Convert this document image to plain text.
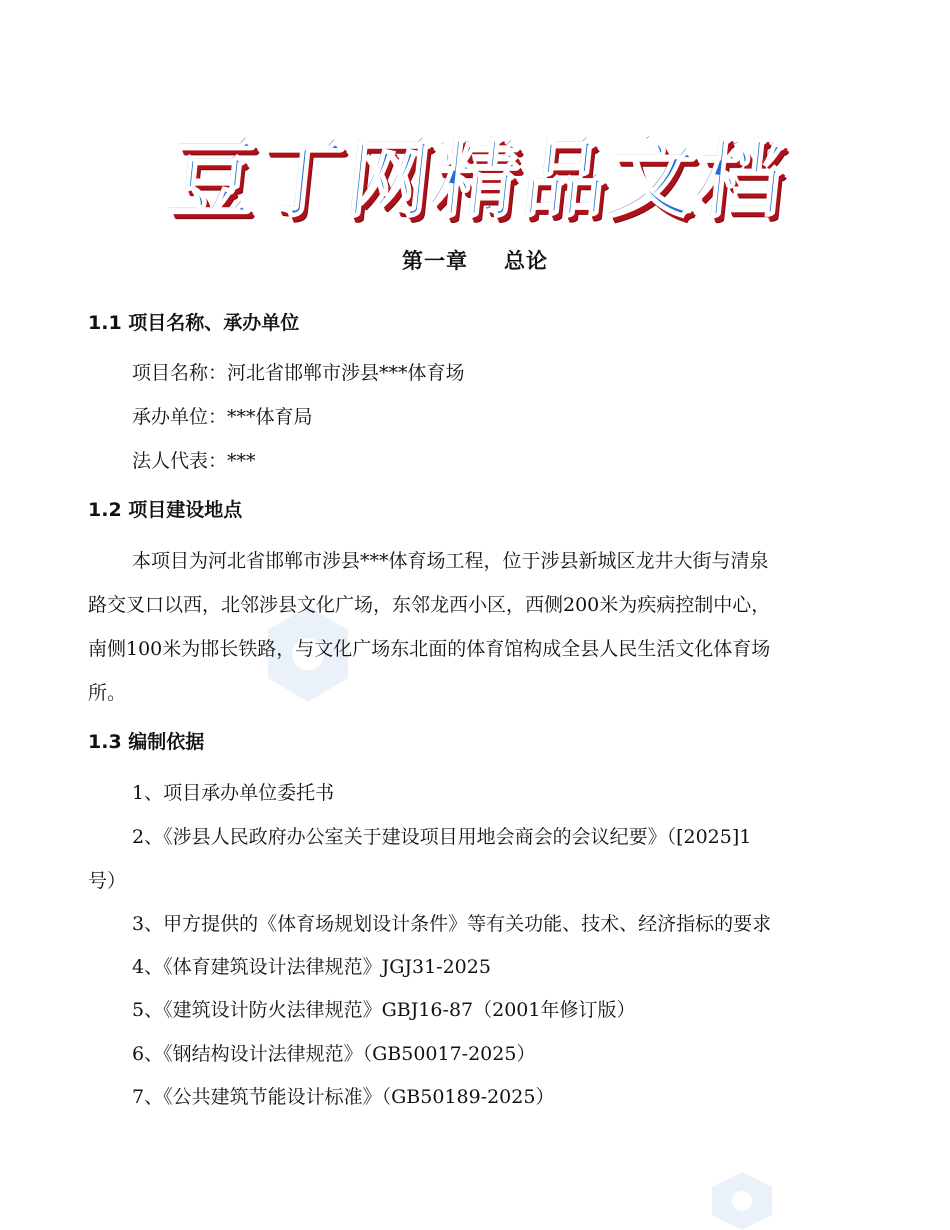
豆丁网精品文档
第一章 总论
1.1 项目名称、承办单位
项目名称：河北省邯郸市涉县***体育场
承办单位：***体育局
法人代表：***
1.2 项目建设地点
本项目为河北省邯郸市涉县***体育场工程，位于涉县新城区龙井大街与清泉
路交叉口以西，北邻涉县文化广场，东邻龙西小区，西侧200米为疾病控制中心，
南侧100米为邯长铁路，与文化广场东北面的体育馆构成全县人民生活文化体育场
所。
1.3 编制依据
1、项目承办单位委托书
2、《涉县人民政府办公室关于建设项目用地会商会的会议纪要》（[2025]1
号）
3、甲方提供的《体育场规划设计条件》等有关功能、技术、经济指标的要求
4、《体育建筑设计法律规范》JGJ31-2025
5、《建筑设计防火法律规范》GBJ16-87（2001年修订版）
6、《钢结构设计法律规范》（GB50017-2025）
7、《公共建筑节能设计标准》（GB50189-2025）
